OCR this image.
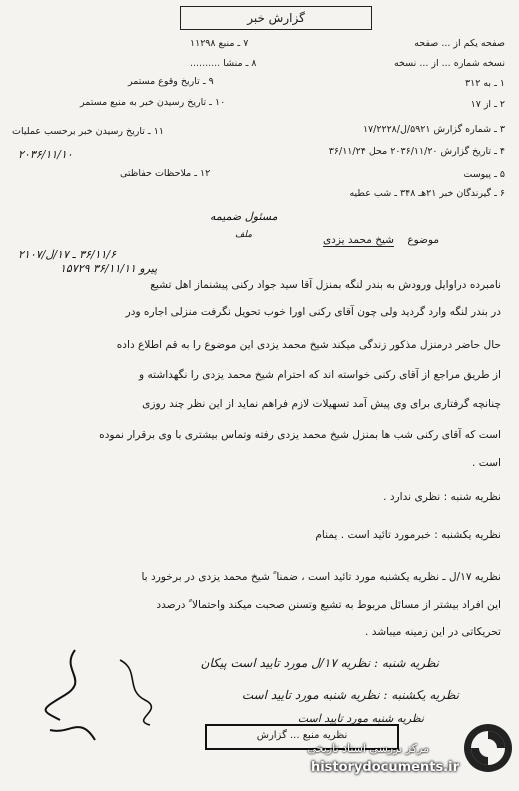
گزارش خبر
۷ ـ منبع ۱۱۲۹۸
۸ ـ منشا ..........
۹ ـ تاریخ وقوع مستمر
۱۰ ـ تاریخ رسیدن خبر به منبع مستمر
۱۱ ـ تاریخ رسیدن خبر برحسب عملیات
۲۰۳۶/۱۱/۱۰
۱۲ ـ ملاحظات حفاظتی
صفحه یکم از ... صفحه
نسخه شماره ... از ... نسخه
۱ ـ به ۳۱۲
۲ ـ از ۱۷
۳ ـ شماره گزارش ۵۹۲۱/ل/۱۷/۲۲۲۸
۴ ـ تاریخ گزارش ۲۰۳۶/۱۱/۲۰ محل ۳۶/۱۱/۲۴
۵ ـ پیوست
۶ ـ گیرندگان خبر ۲۱هـ ۳۴۸ ـ شب عطیه
مسئول ضمیمه
موضوع    شیخ محمد یزدی
ملف
۳۶/۱۱/۶ ـ ۱۷/ل/۲۱۰۷
پیرو ۳۶/۱۱/۱۱ ۱۵۷۲۹
نامبرده دراوایل ورودش به بندر لنگه بمنزل آقا سید جواد رکنی پیشنماز اهل تشیع
در بندر لنگه وارد گردید ولی چون آقای رکنی اورا خوب تحویل نگرفت منزلی اجاره ودر
حال حاضر درمنزل مذکور زندگی میکند شیخ محمد یزدی این موضوع را به قم اطلاع داده
از طریق مراجع از آقای رکنی خواسته اند که احترام شیخ محمد یزدی را نگهداشته و
چنانچه گرفتاری برای وی پیش آمد تسهیلات لازم فراهم نماید از این نظر چند روزی
است که آقای رکنی شب ها بمنزل شیخ محمد یزدی رفته وتماس بیشتری با وی برقرار نموده
است .
نظریه شنبه : نظری ندارد .
نظریه یکشنبه : خبرمورد تائید است . یمنام
نظریه ۱۷/ل ـ نظریه یکشنبه مورد تائید است ، ضمنا ً شیخ محمد یزدی در برخورد با
این افراد بیشتر از مسائل مربوط به تشیع وتسنن صحبت میکند واحتمالا ً درصدد
تحریکاتی در این زمینه میباشد .
نظریه شنبه : نظریه ۱۷/ل مورد تایید است پیکان
نظریه یکشنبه : نظریه شنبه مورد تایید است
نظریه شنبه مورد تایید است
نظریه منبع ... گزارش
مرکز بررسی اسناد تاریخی
historydocuments.ir
